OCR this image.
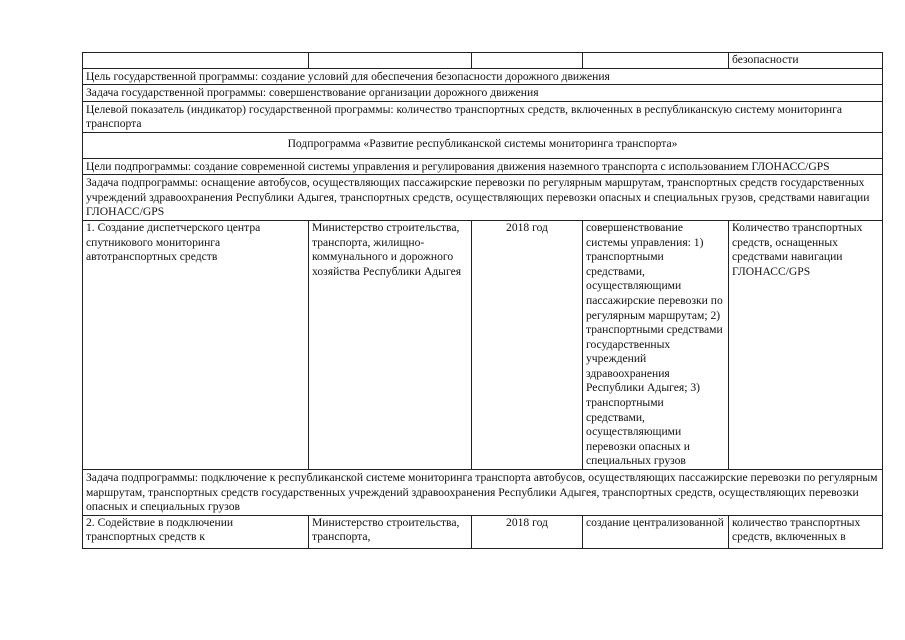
				безопасности
Цель государственной программы: создание условий для обеспечения безопасности дорожного движения				
Задача государственной программы: совершенствование организации дорожного движения				
Целевой показатель (индикатор) государственной программы: количество транспортных средств, включенных в республиканскую систему мониторинга транспорта				
Подпрограмма «Развитие республиканской системы мониторинга транспорта»				
Цели подпрограммы: создание современной системы управления и регулирования движения наземного транспорта с использованием ГЛОНАСС/GPS				
Задача подпрограммы: оснащение автобусов, осуществляющих пассажирские перевозки по регулярным маршрутам, транспортных средств государственных учреждений здравоохранения Республики Адыгея, транспортных средств, осуществляющих перевозки опасных и специальных грузов, средствами навигации ГЛОНАСС/GPS				
1. Создание диспетчерского центра спутникового мониторинга автотранспортных средств	Министерство строительства, транспорта, жилищно-коммунального и дорожного хозяйства Республики Адыгея	2018 год	совершенствование системы управления: 1) транспортными средствами, осуществляющими пассажирские перевозки по регулярным маршрутам; 2) транспортными средствами государственных учреждений здравоохранения Республики Адыгея; 3) транспортными средствами, осуществляющими перевозки опасных и специальных грузов	Количество транспортных средств, оснащенных средствами навигации ГЛОНАСС/GPS
Задача подпрограммы: подключение к республиканской системе мониторинга транспорта автобусов, осуществляющих пассажирские перевозки по регулярным маршрутам, транспортных средств государственных учреждений здравоохранения Республики Адыгея, транспортных средств, осуществляющих перевозки опасных и специальных грузов				

2. Содействие в подключении транспортных средств к	Министерство строительства, транспорта,	2018 год	создание централизованной	количество транспортных средств, включенных в
